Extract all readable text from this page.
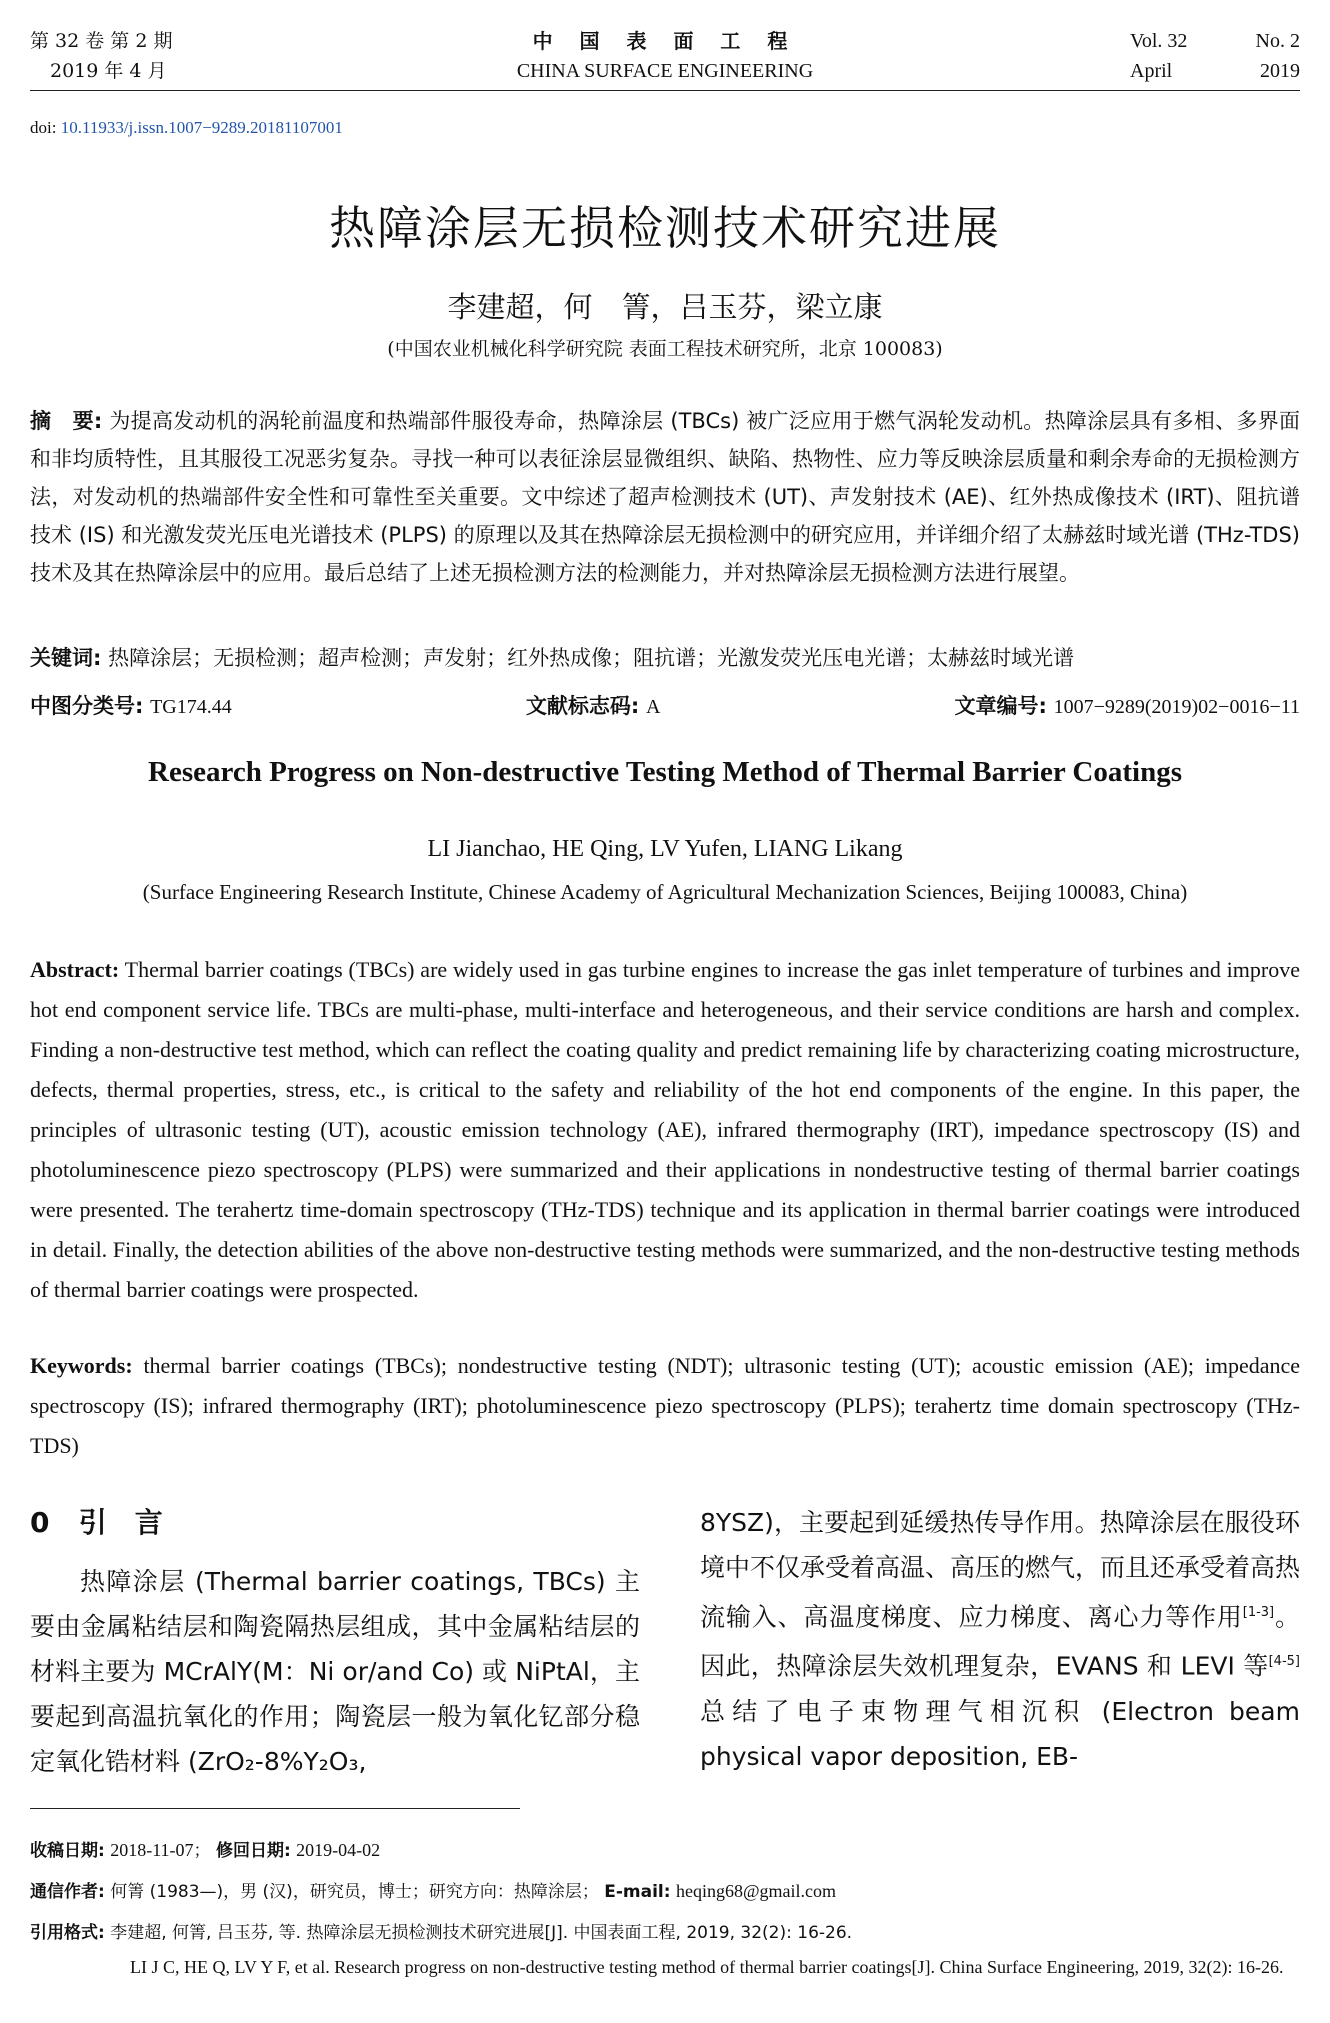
第 32 卷 第 2 期
2019 年 4 月
中 国 表 面 工 程
CHINA SURFACE ENGINEERING
Vol. 32	No. 2
April	2019
doi: 10.11933/j.issn.1007−9289.20181107001
热障涂层无损检测技术研究进展
李建超，何　箐，吕玉芬，梁立康
(中国农业机械化科学研究院 表面工程技术研究所，北京 100083)
摘　要: 为提高发动机的涡轮前温度和热端部件服役寿命，热障涂层 (TBCs) 被广泛应用于燃气涡轮发动机。热障涂层具有多相、多界面和非均质特性，且其服役工况恶劣复杂。寻找一种可以表征涂层显微组织、缺陷、热物性、应力等反映涂层质量和剩余寿命的无损检测方法，对发动机的热端部件安全性和可靠性至关重要。文中综述了超声检测技术 (UT)、声发射技术 (AE)、红外热成像技术 (IRT)、阻抗谱技术 (IS) 和光激发荧光压电光谱技术 (PLPS) 的原理以及其在热障涂层无损检测中的研究应用，并详细介绍了太赫兹时域光谱 (THz-TDS) 技术及其在热障涂层中的应用。最后总结了上述无损检测方法的检测能力，并对热障涂层无损检测方法进行展望。
关键词: 热障涂层；无损检测；超声检测；声发射；红外热成像；阻抗谱；光激发荧光压电光谱；太赫兹时域光谱
中图分类号: TG174.44	文献标志码: A	文章编号: 1007−9289(2019)02−0016−11
Research Progress on Non-destructive Testing Method of Thermal Barrier Coatings
LI Jianchao, HE Qing, LV Yufen, LIANG Likang
(Surface Engineering Research Institute, Chinese Academy of Agricultural Mechanization Sciences, Beijing 100083, China)
Abstract: Thermal barrier coatings (TBCs) are widely used in gas turbine engines to increase the gas inlet temperature of turbines and improve hot end component service life. TBCs are multi-phase, multi-interface and heterogeneous, and their service conditions are harsh and complex. Finding a non-destructive test method, which can reflect the coating quality and predict remaining life by characterizing coating microstructure, defects, thermal properties, stress, etc., is critical to the safety and reliability of the hot end components of the engine. In this paper, the principles of ultrasonic testing (UT), acoustic emission technology (AE), infrared thermography (IRT), impedance spectroscopy (IS) and photoluminescence piezo spectroscopy (PLPS) were summarized and their applications in nondestructive testing of thermal barrier coatings were presented. The terahertz time-domain spectroscopy (THz-TDS) technique and its application in thermal barrier coatings were introduced in detail. Finally, the detection abilities of the above non-destructive testing methods were summarized, and the non-destructive testing methods of thermal barrier coatings were prospected.
Keywords: thermal barrier coatings (TBCs); nondestructive testing (NDT); ultrasonic testing (UT); acoustic emission (AE); impedance spectroscopy (IS); infrared thermography (IRT); photoluminescence piezo spectroscopy (PLPS); terahertz time domain spectroscopy (THz-TDS)
0 引　言
热障涂层 (Thermal barrier coatings, TBCs) 主要由金属粘结层和陶瓷隔热层组成，其中金属粘结层的材料主要为 MCrAlY(M：Ni or/and Co) 或 NiPtAl，主要起到高温抗氧化的作用；陶瓷层一般为氧化钇部分稳定氧化锆材料 (ZrO₂-8%Y₂O₃,
8YSZ)，主要起到延缓热传导作用。热障涂层在服役环境中不仅承受着高温、高压的燃气，而且还承受着高热流输入、高温度梯度、应力梯度、离心力等作用[1-3]。因此，热障涂层失效机理复杂，EVANS 和 LEVI 等[4-5] 总结了电子束物理气相沉积 (Electron beam physical vapor deposition, EB-
收稿日期: 2018-11-07； 修回日期: 2019-04-02
通信作者: 何箐 (1983—)，男 (汉)，研究员，博士；研究方向：热障涂层； E-mail: heqing68@gmail.com
引用格式: 李建超, 何箐, 吕玉芬, 等. 热障涂层无损检测技术研究进展[J]. 中国表面工程, 2019, 32(2): 16-26.
LI J C, HE Q, LV Y F, et al. Research progress on non-destructive testing method of thermal barrier coatings[J]. China Surface Engineering, 2019, 32(2): 16-26.
